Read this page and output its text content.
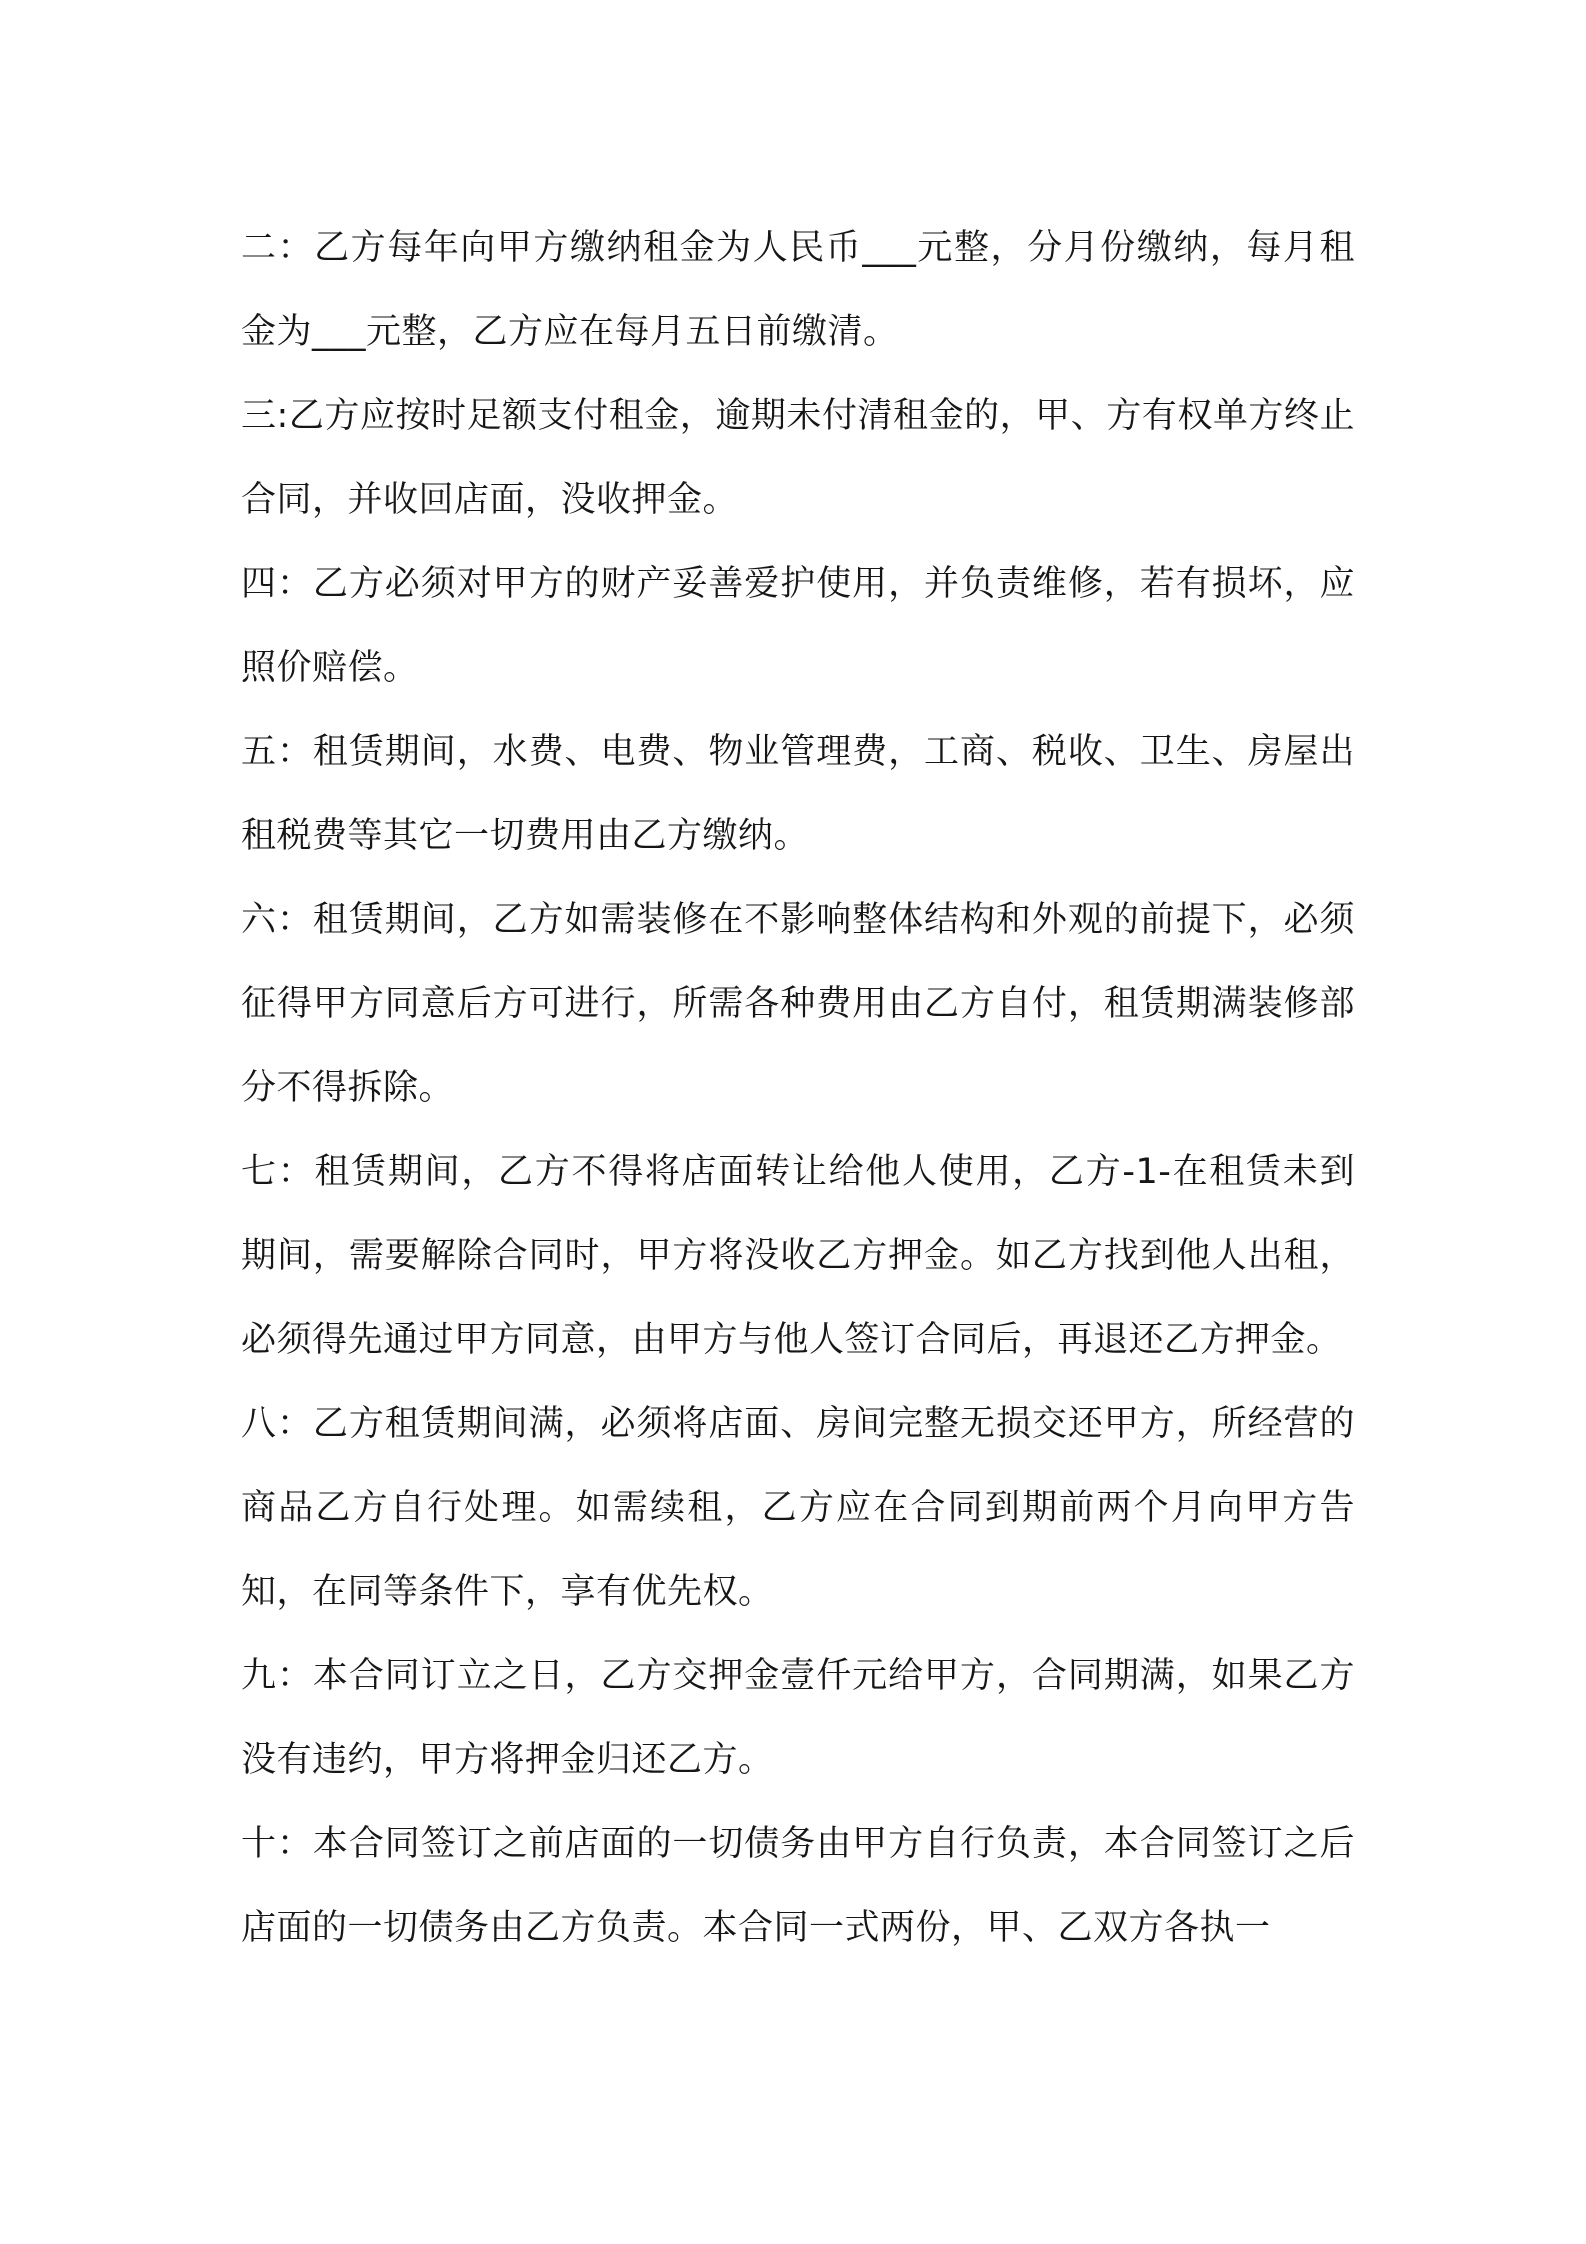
二：乙方每年向甲方缴纳租金为人民币___元整，分月份缴纳，每月租金为___元整，乙方应在每月五日前缴清。

三:乙方应按时足额支付租金，逾期未付清租金的，甲、方有权单方终止合同，并收回店面，没收押金。

四：乙方必须对甲方的财产妥善爱护使用，并负责维修，若有损坏，应照价赔偿。

五：租赁期间，水费、电费、物业管理费，工商、税收、卫生、房屋出租税费等其它一切费用由乙方缴纳。

六：租赁期间，乙方如需装修在不影响整体结构和外观的前提下，必须征得甲方同意后方可进行，所需各种费用由乙方自付，租赁期满装修部分不得拆除。

七：租赁期间，乙方不得将店面转让给他人使用，乙方-1-在租赁未到期间，需要解除合同时，甲方将没收乙方押金。如乙方找到他人出租，必须得先通过甲方同意，由甲方与他人签订合同后，再退还乙方押金。

八：乙方租赁期间满，必须将店面、房间完整无损交还甲方，所经营的商品乙方自行处理。如需续租，乙方应在合同到期前两个月向甲方告知，在同等条件下，享有优先权。

九：本合同订立之日，乙方交押金壹仟元给甲方，合同期满，如果乙方没有违约，甲方将押金归还乙方。

十：本合同签订之前店面的一切债务由甲方自行负责，本合同签订之后店面的一切债务由乙方负责。本合同一式两份，甲、乙双方各执一
